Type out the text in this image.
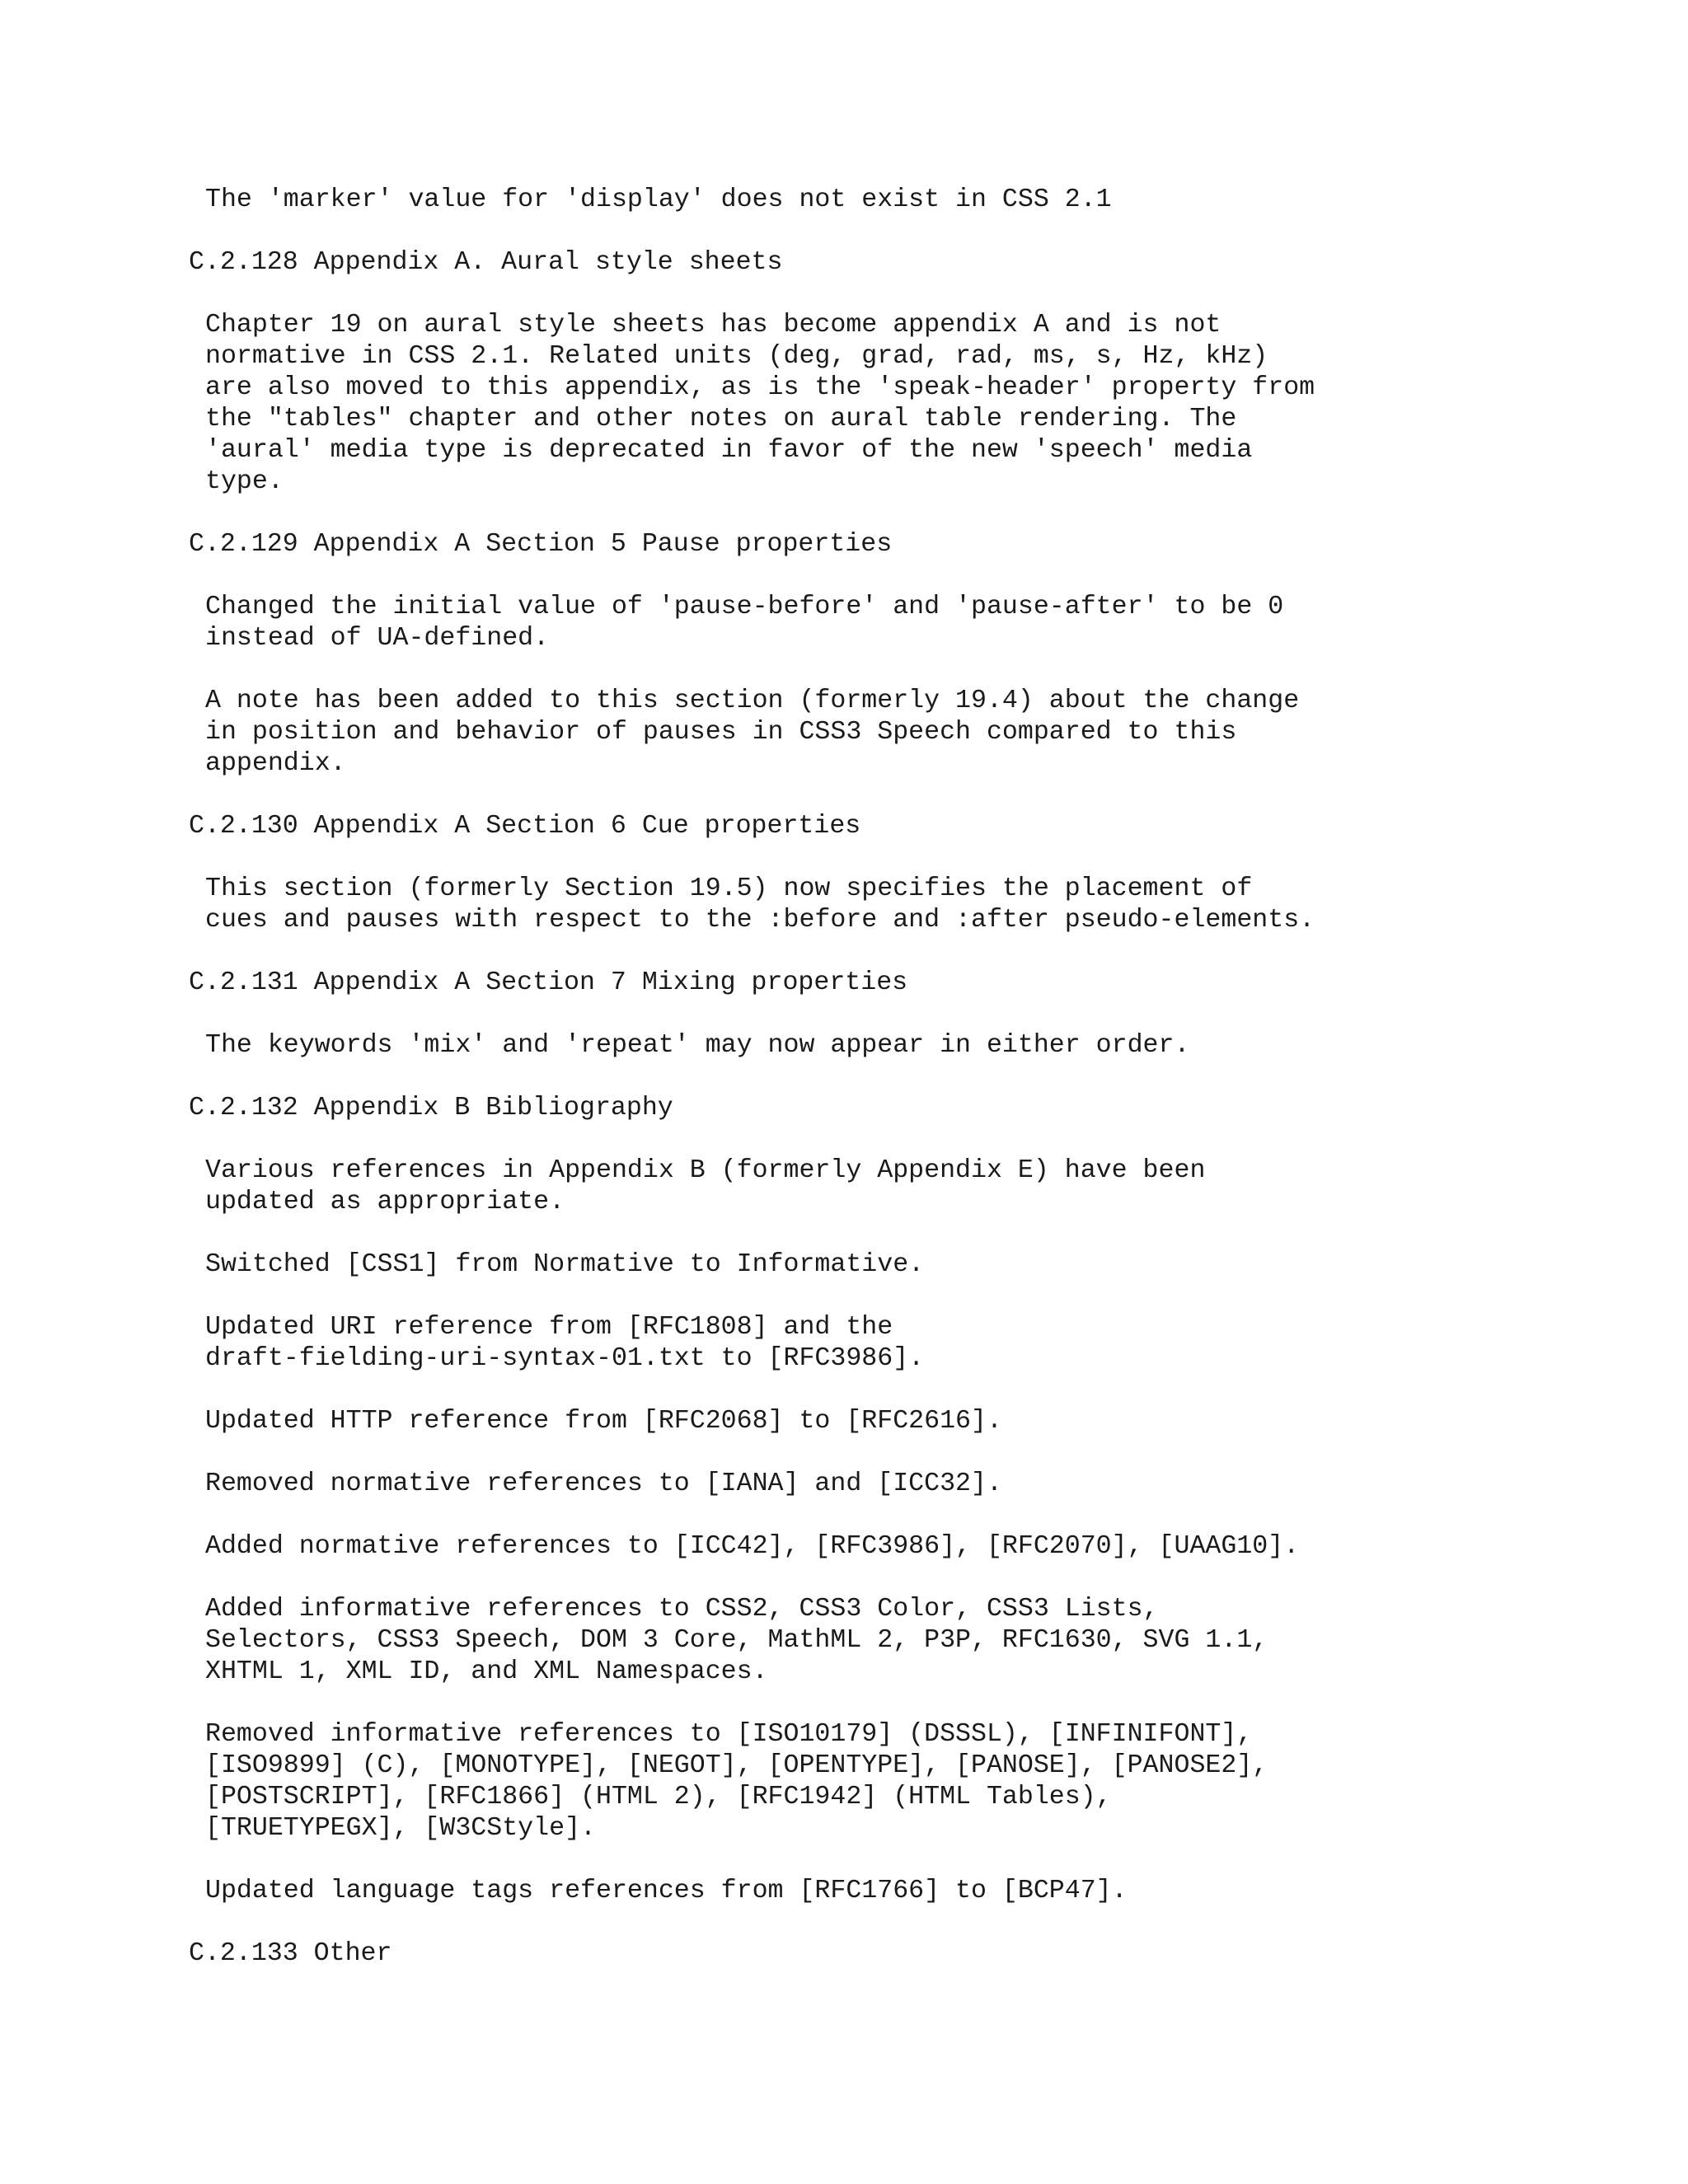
The 'marker' value for 'display' does not exist in CSS 2.1
C.2.128 Appendix A. Aural style sheets
Chapter 19 on aural style sheets has become appendix A and is not
normative in CSS 2.1. Related units (deg, grad, rad, ms, s, Hz, kHz)
are also moved to this appendix, as is the 'speak-header' property from
the "tables" chapter and other notes on aural table rendering. The
'aural' media type is deprecated in favor of the new 'speech' media
type.
C.2.129 Appendix A Section 5 Pause properties
Changed the initial value of 'pause-before' and 'pause-after' to be 0
instead of UA-defined.
A note has been added to this section (formerly 19.4) about the change
in position and behavior of pauses in CSS3 Speech compared to this
appendix.
C.2.130 Appendix A Section 6 Cue properties
This section (formerly Section 19.5) now specifies the placement of
cues and pauses with respect to the :before and :after pseudo-elements.
C.2.131 Appendix A Section 7 Mixing properties
The keywords 'mix' and 'repeat' may now appear in either order.
C.2.132 Appendix B Bibliography
Various references in Appendix B (formerly Appendix E) have been
updated as appropriate.
Switched [CSS1] from Normative to Informative.
Updated URI reference from [RFC1808] and the
draft-fielding-uri-syntax-01.txt to [RFC3986].
Updated HTTP reference from [RFC2068] to [RFC2616].
Removed normative references to [IANA] and [ICC32].
Added normative references to [ICC42], [RFC3986], [RFC2070], [UAAG10].
Added informative references to CSS2, CSS3 Color, CSS3 Lists,
Selectors, CSS3 Speech, DOM 3 Core, MathML 2, P3P, RFC1630, SVG 1.1,
XHTML 1, XML ID, and XML Namespaces.
Removed informative references to [ISO10179] (DSSSL), [INFINIFONT],
[ISO9899] (C), [MONOTYPE], [NEGOT], [OPENTYPE], [PANOSE], [PANOSE2],
[POSTSCRIPT], [RFC1866] (HTML 2), [RFC1942] (HTML Tables),
[TRUETYPEGX], [W3CStyle].
Updated language tags references from [RFC1766] to [BCP47].
C.2.133 Other
